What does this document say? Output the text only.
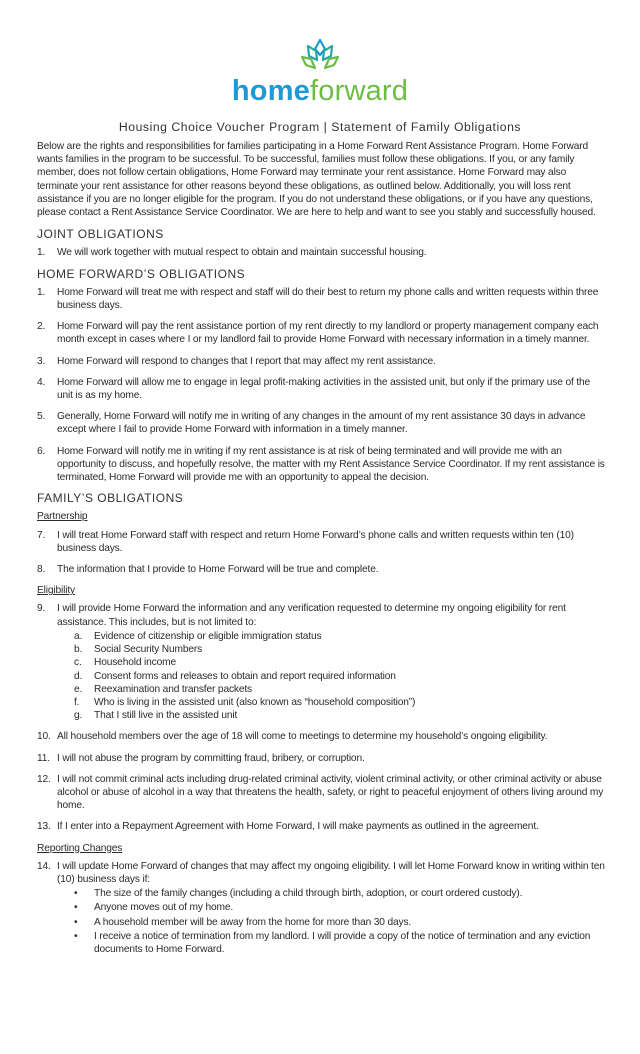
homeforward
Housing Choice Voucher Program | Statement of Family Obligations

Below are the rights and responsibilities for families participating in a Home Forward Rent Assistance Program. Home Forward wants families in the program to be successful. To be successful, families must follow these obligations. If you, or any family member, does not follow certain obligations, Home Forward may terminate your rent assistance. Home Forward may also terminate your rent assistance for other reasons beyond these obligations, as outlined below. Additionally, you will loss rent assistance if you are no longer eligible for the program. If you do not understand these obligations, or if you have any questions, please contact a Rent Assistance Service Coordinator. We are here to help and want to see you stably and successfully housed.

JOINT OBLIGATIONS
1. We will work together with mutual respect to obtain and maintain successful housing.
HOME FORWARD’S OBLIGATIONS
1. Home Forward will treat me with respect and staff will do their best to return my phone calls and written requests within three business days.
2. Home Forward will pay the rent assistance portion of my rent directly to my landlord or property management company each month except in cases where I or my landlord fail to provide Home Forward with necessary information in a timely manner.
3. Home Forward will respond to changes that I report that may affect my rent assistance.
4. Home Forward will allow me to engage in legal profit-making activities in the assisted unit, but only if the primary use of the unit is as my home.
5. Generally, Home Forward will notify me in writing of any changes in the amount of my rent assistance 30 days in advance except where I fail to provide Home Forward with information in a timely manner.
6. Home Forward will notify me in writing if my rent assistance is at risk of being terminated and will provide me with an opportunity to discuss, and hopefully resolve, the matter with my Rent Assistance Service Coordinator. If my rent assistance is terminated, Home Forward will provide me with an opportunity to appeal the decision.
FAMILY’S OBLIGATIONS
Partnership
7. I will treat Home Forward staff with respect and return Home Forward’s phone calls and written requests within ten (10) business days.
8. The information that I provide to Home Forward will be true and complete.
Eligibility
9. I will provide Home Forward the information and any verification requested to determine my ongoing eligibility for rent assistance. This includes, but is not limited to:
a. Evidence of citizenship or eligible immigration status
b. Social Security Numbers
c. Household income
d. Consent forms and releases to obtain and report required information
e. Reexamination and transfer packets
f. Who is living in the assisted unit (also known as “household composition”)
g. That I still live in the assisted unit
10. All household members over the age of 18 will come to meetings to determine my household’s ongoing eligibility.
11. I will not abuse the program by committing fraud, bribery, or corruption.
12. I will not commit criminal acts including drug-related criminal activity, violent criminal activity, or other criminal activity or abuse alcohol or abuse of alcohol in a way that threatens the health, safety, or right to peaceful enjoyment of others living around my home.
13. If I enter into a Repayment Agreement with Home Forward, I will make payments as outlined in the agreement.
Reporting Changes
14. I will update Home Forward of changes that may affect my ongoing eligibility. I will let Home Forward know in writing within ten (10) business days if:
• The size of the family changes (including a child through birth, adoption, or court ordered custody).
• Anyone moves out of my home.
• A household member will be away from the home for more than 30 days.
• I receive a notice of termination from my landlord. I will provide a copy of the notice of termination and any eviction documents to Home Forward.
